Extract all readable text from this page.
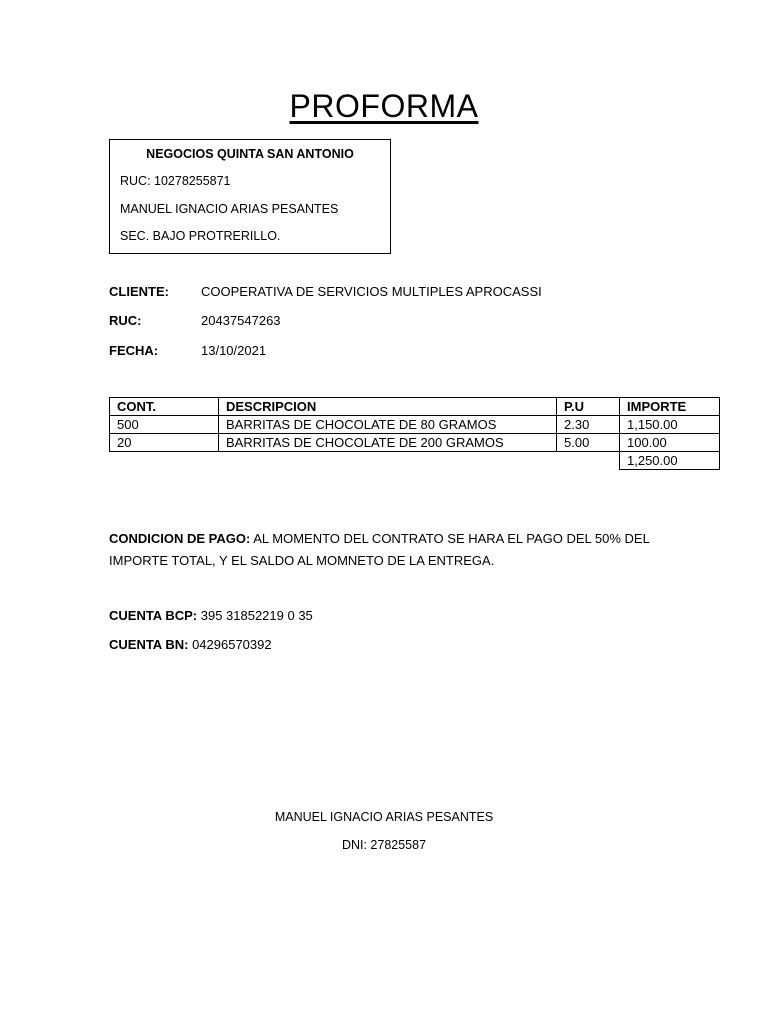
PROFORMA
NEGOCIOS QUINTA SAN ANTONIO
RUC: 10278255871
MANUEL IGNACIO ARIAS PESANTES
SEC. BAJO PROTRERILLO.
CLIENTE: COOPERATIVA DE SERVICIOS MULTIPLES APROCASSI
RUC:	20437547263
FECHA:	13/10/2021
CONT.	DESCRIPCION	P.U	IMPORTE
500	BARRITAS DE CHOCOLATE DE 80 GRAMOS	2.30	1,150.00
20	BARRITAS DE CHOCOLATE DE 200 GRAMOS	5.00	100.00
			1,250.00
CONDICION DE PAGO: AL MOMENTO DEL CONTRATO SE HARA EL PAGO DEL 50% DEL IMPORTE TOTAL, Y EL SALDO AL MOMNETO DE LA ENTREGA.
CUENTA BCP: 395 31852219 0 35
CUENTA BN: 04296570392
MANUEL IGNACIO ARIAS PESANTES
DNI: 27825587
